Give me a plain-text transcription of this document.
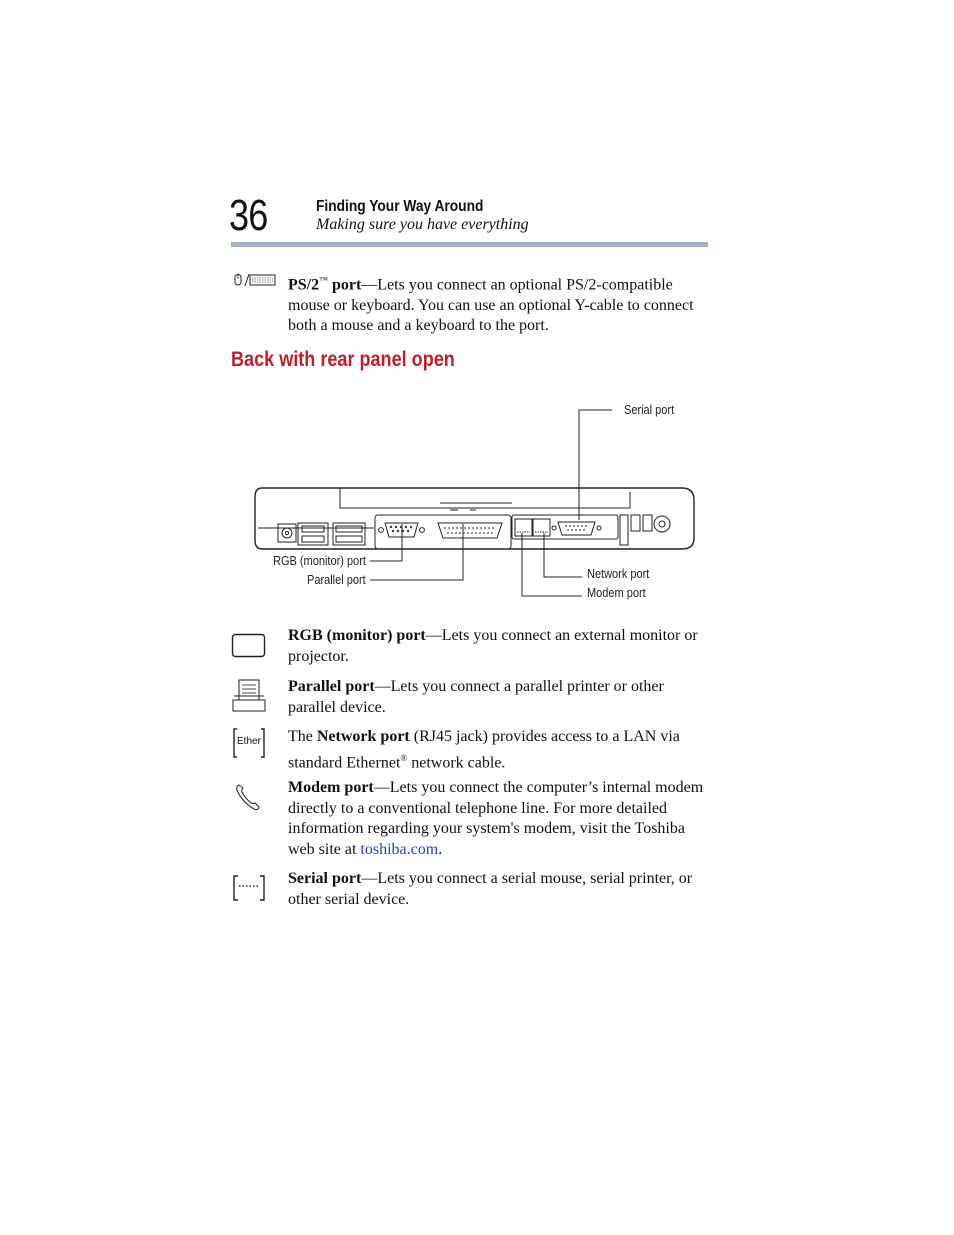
36	Finding Your Way Around
Making sure you have everything
PS/2™ port—Lets you connect an optional PS/2-compatible mouse or keyboard. You can use an optional Y-cable to connect both a mouse and a keyboard to the port.
Back with rear panel open
Serial port
RGB (monitor) port
Parallel port	Network port
Modem port
RGB (monitor) port—Lets you connect an external monitor or projector.
Parallel port—Lets you connect a parallel printer or other parallel device.
Ether The Network port (RJ45 jack) provides access to a LAN via standard Ethernet® network cable.
Modem port—Lets you connect the computer’s internal modem directly to a conventional telephone line. For more detailed information regarding your system's modem, visit the Toshiba web site at toshiba.com.
Serial port—Lets you connect a serial mouse, serial printer, or other serial device.
